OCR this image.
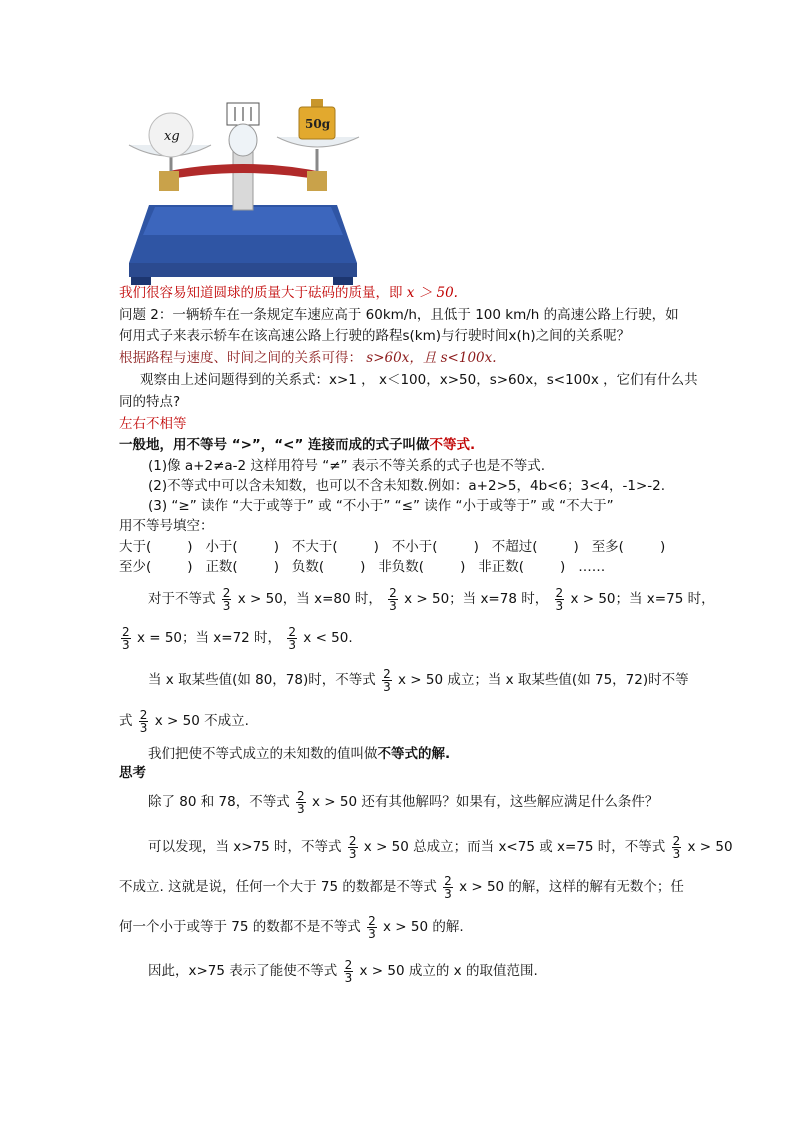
xg
50g
我们很容易知道圆球的质量大于砝码的质量，即 x ＞ 50.
问题 2：一辆轿车在一条规定车速应高于 60km/h，且低于 100 km/h 的高速公路上行驶，如
何用式子来表示轿车在该高速公路上行驶的路程s(km)与行驶时间x(h)之间的关系呢？
根据路程与速度、时间之间的关系可得： s>60x，且 s<100x.
观察由上述问题得到的关系式：x>1 ， x＜100，x>50，s>60x，s<100x ，它们有什么共
同的特点?
左右不相等
一般地，用不等号 “>”，“<” 连接而成的式子叫做不等式.
(1)像 a+2≠a-2 这样用符号 “≠” 表示不等关系的式子也是不等式.
(2)不等式中可以含未知数，也可以不含未知数.例如：a+2>5，4b<6；3<4，-1>-2.
(3) “≥” 读作 “大于或等于” 或 “不小于” “≤” 读作 “小于或等于” 或 “不大于”
用不等号填空：
大于(	) 小于(	) 不大于(	) 不小于(	) 不超过(	) 至多(	)
至少(	) 正数(	) 负数(	) 非负数(	) 非正数(	) ……
对于不等式 $\frac{2}{3}$ x > 50，当 x=80 时， $\frac{2}{3}$ x > 50；当 x=78 时， $\frac{2}{3}$ x > 50；当 x=75 时，
$\frac{2}{3}$ x = 50；当 x=72 时， $\frac{2}{3}$ x < 50.
当 x 取某些值(如 80，78)时，不等式 $\frac{2}{3}$ x > 50 成立；当 x 取某些值(如 75，72)时不等
式 $\frac{2}{3}$ x > 50 不成立.
我们把使不等式成立的未知数的值叫做不等式的解.
思考
除了 80 和 78，不等式 $\frac{2}{3}$ x > 50 还有其他解吗？如果有，这些解应满足什么条件？
可以发现，当 x>75 时，不等式 $\frac{2}{3}$ x > 50 总成立；而当 x<75 或 x=75 时，不等式 $\frac{2}{3}$ x > 50
不成立. 这就是说，任何一个大于 75 的数都是不等式 $\frac{2}{3}$ x > 50 的解，这样的解有无数个；任
何一个小于或等于 75 的数都不是不等式 $\frac{2}{3}$ x > 50 的解.
因此，x>75 表示了能使不等式 $\frac{2}{3}$ x > 50 成立的 x 的取值范围.
